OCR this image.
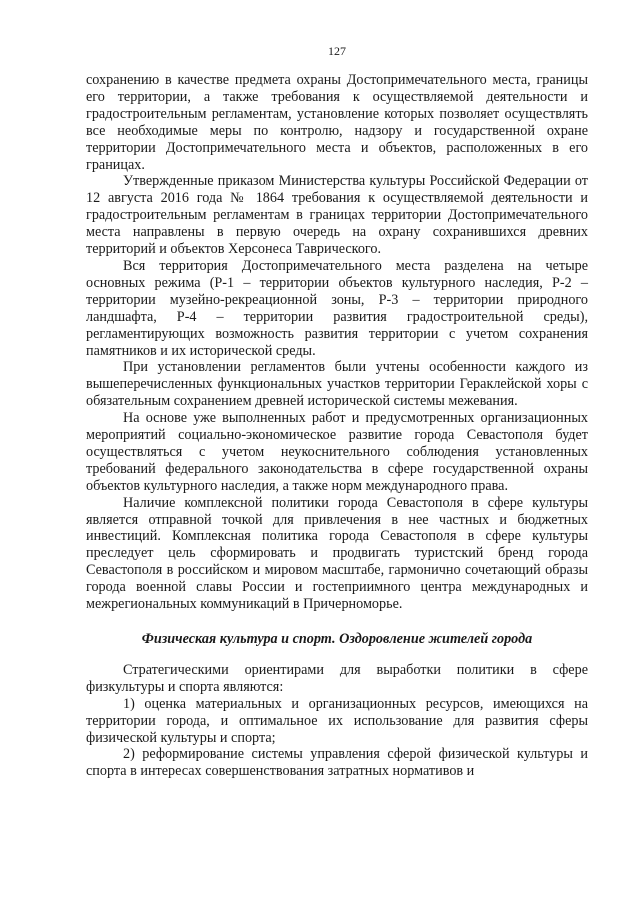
127

сохранению в качестве предмета охраны Достопримечательного места, границы его территории, а также требования к осуществляемой деятельности и градостроительным регламентам, установление которых позволяет осуществлять все необходимые меры по контролю, надзору и государственной охране территории Достопримечательного места и объектов, расположенных в его границах.

Утвержденные приказом Министерства культуры Российской Федерации от 12 августа 2016 года № 1864 требования к осуществляемой деятельности и градостроительным регламентам в границах территории Достопримечательного места направлены в первую очередь на охрану сохранившихся древних территорий и объектов Херсонеса Таврического.

Вся территория Достопримечательного места разделена на четыре основных режима (Р-1 – территории объектов культурного наследия, Р-2 –территории музейно-рекреационной зоны, Р-3 – территории природного ландшафта, Р-4 – территории развития градостроительной среды), регламентирующих возможность развития территории с учетом сохранения памятников и их исторической среды.

При установлении регламентов были учтены особенности каждого из вышеперечисленных функциональных участков территории Гераклейской хоры с обязательным сохранением древней исторической системы межевания.

На основе уже выполненных работ и предусмотренных организационных мероприятий социально-экономическое развитие города Севастополя будет осуществляться с учетом неукоснительного соблюдения установленных требований федерального законодательства в сфере государственной охраны объектов культурного наследия, а также норм международного права.

Наличие комплексной политики города Севастополя в сфере культуры является отправной точкой для привлечения в нее частных и бюджетных инвестиций. Комплексная политика города Севастополя в сфере культуры преследует цель сформировать и продвигать туристский бренд города Севастополя в российском и мировом масштабе, гармонично сочетающий образы города военной славы России и гостеприимного центра международных и межрегиональных коммуникаций в Причерноморье.

Физическая культура и спорт. Оздоровление жителей города

Стратегическими ориентирами для выработки политики в сфере физкультуры и спорта являются:

1) оценка материальных и организационных ресурсов, имеющихся на территории города, и оптимальное их использование для развития сферы физической культуры и спорта;

2) реформирование системы управления сферой физической культуры и спорта в интересах совершенствования затратных нормативов и
